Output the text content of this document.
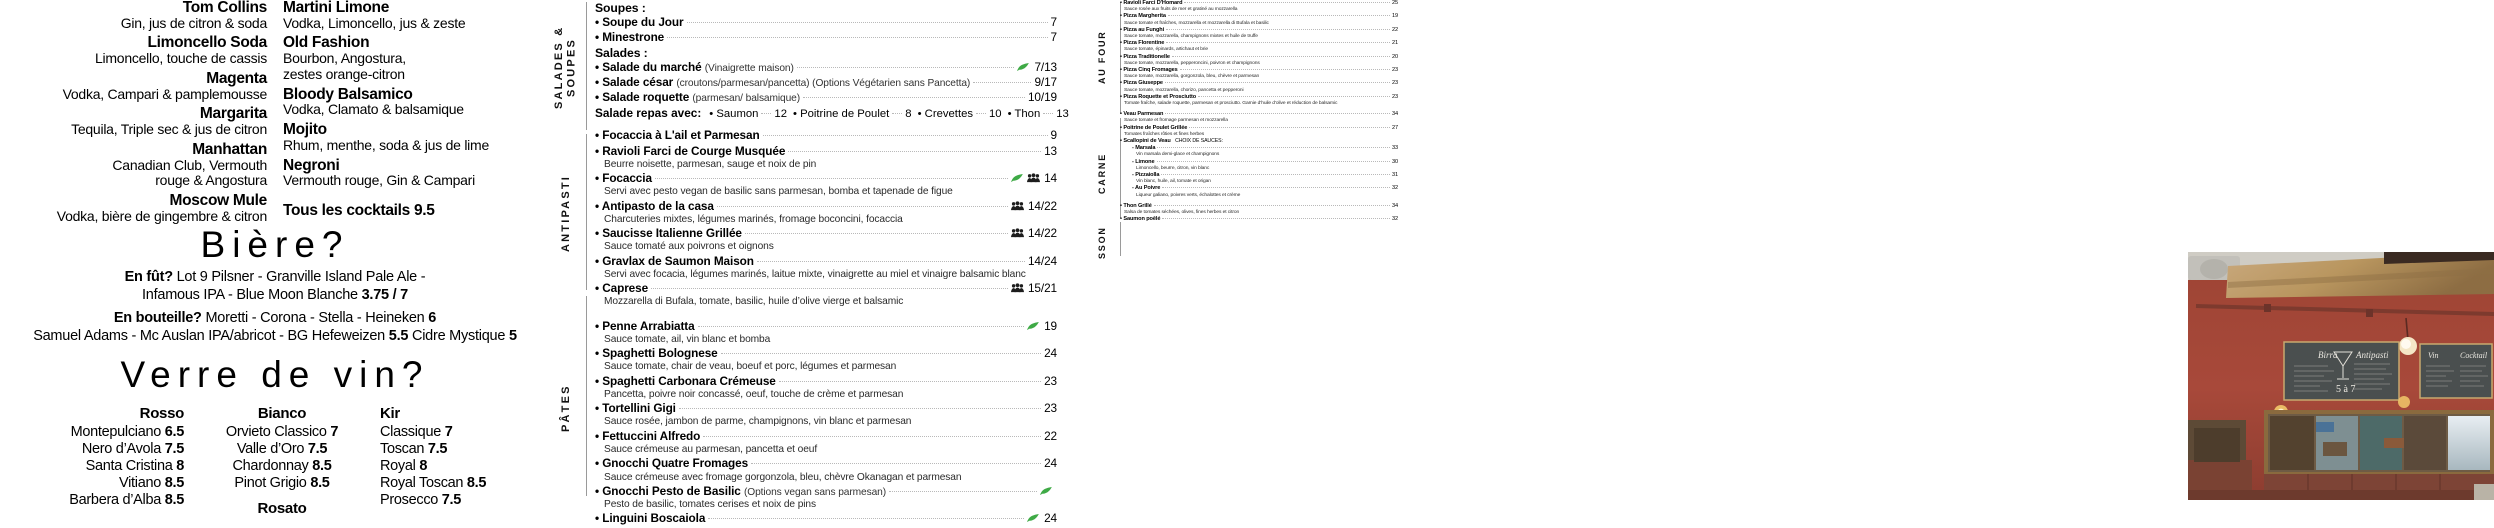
Tom Collins
Gin, jus de citron & soda
Limoncello Soda
Limoncello, touche de cassis
Magenta
Vodka, Campari & pamplemousse
Margarita
Tequila, Triple sec & jus de citron
Manhattan
Canadian Club, Vermouth
rouge & Angostura
Moscow Mule
Vodka, bière de gingembre & citron
Martini Limone
Vodka, Limoncello, jus & zeste
Old Fashion
Bourbon, Angostura,
zestes orange-citron
Bloody Balsamico
Vodka, Clamato & balsamique
Mojito
Rhum, menthe, soda & jus de lime
Negroni
Vermouth rouge, Gin & Campari
Tous les cocktails 9.5
Bière?
En fût? Lot 9 Pilsner - Granville Island Pale Ale -
Infamous IPA - Blue Moon Blanche 3.75 / 7
En bouteille? Moretti - Corona - Stella - Heineken 6
Samuel Adams - Mc Auslan IPA/abricot - BG Hefeweizen 5.5 Cidre Mystique 5
Verre de vin?
Rosso
Montepulciano 6.5
Nero d’Avola 7.5
Santa Cristina 8
Vitiano 8.5
Barbera d’Alba 8.5
Bianco
Orvieto Classico 7
Valle d’Oro 7.5
Chardonnay 8.5
Pinot Grigio 8.5
Rosato
Kir
Classique 7
Toscan 7.5
Royal 8
Royal Toscan 8.5
Prosecco 7.5
SALADES & SOUPES
ANTIPASTI
PÂTES
Soupes :
• Soupe du Jour	7
• Minestrone	7
Salades :
• Salade du marché (Vinaigrette maison)	7/13
• Salade césar (croutons/parmesan/pancetta) (Options Végétarien sans Pancetta)	9/17
• Salade roquette (parmesan/ balsamique)	10/19
Salade repas avec: • Saumon 12 • Poitrine de Poulet 8 • Crevettes 10 • Thon 13
• Focaccia à L'ail et Parmesan	9
• Ravioli Farci de Courge Musquée	13
Beurre noisette, parmesan, sauge et noix de pin
• Focaccia	14
Servi avec pesto vegan de basilic sans parmesan, bomba et tapenade de figue
• Antipasto de la casa	14/22
Charcuteries mixtes, légumes marinés, fromage boconcini, focaccia
• Saucisse Italienne Grillée	14/22
Sauce tomaté aux poivrons et oignons
• Gravlax de Saumon Maison	14/24
Servi avec focacia, légumes marinés, laitue mixte, vinaigrette au miel et vinaigre balsamic blanc
• Caprese	15/21
Mozzarella di Bufala, tomate, basilic, huile d’olive vierge et balsamic
• Penne Arrabiatta	19
Sauce tomate, ail, vin blanc et bomba
• Spaghetti Bolognese	24
Sauce tomate, chair de veau, boeuf et porc, légumes et parmesan
• Spaghetti Carbonara Crémeuse	23
Pancetta, poivre noir concassé, oeuf, touche de crème et parmesan
• Tortellini Gigi	23
Sauce rosée, jambon de parme, champignons, vin blanc et parmesan
• Fettuccini Alfredo	22
Sauce crémeuse au parmesan, pancetta et oeuf
• Gnocchi Quatre Fromages	24
Sauce crémeuse avec fromage gorgonzola, bleu, chèvre Okanagan et parmesan
• Gnocchi Pesto de Basilic (Options vegan sans parmesan)
Pesto de basilic, tomates cerises et noix de pins
• Linguini Boscaiola	24
AU FOUR
CARNE
SSON
• Ravioli Farci D'Homard	25
Sauce rosée aux fruits de mer et gratiné au mozzarella
• Pizza Margherita	19
Sauce tomate et fraîches, mozzarella et mozzarella di Bufala et basilic
• Pizza au Funghi	22
Sauce tomate, mozzarella, champignons mixtes et huile de truffe
• Pizza Florentine	21
Sauce tomate, épinards, artichaut et brie
• Pizza Traditionelle	20
Sauce tomate, mozzarella, pepperoncini, poivron et champignons
• Pizza Cinq Fromages	23
Sauce tomate, mozzarella, gorgonzola, bleu, chèvre et parmesan
• Pizza Giuseppe	23
Sauce tomate, mozzarella, chorizo, pancetta et pepperoni
• Pizza Roquette et Prosciutto	23
Tomate fraîche, salade roquette, parmesan et prosciutto. Garnie d’huile d’olive et réduction de balsamic
• Veau Parmesan	34
Sauce tomate et fromage parmesan et mozzarella
• Poitrine de Poulet Grillée	27
Tomates fraîches rôties et fines herbes
• Scallopini de Veau CHOIX DE SAUCES:
- Marsala	33
Vin marsala demi-glace et champignons
- Limone	30
Limoncello, beurre, citron, vin blanc
- Pizzaiolla	31
Vin blanc, huile, ail, tomate et origan
- Au Poivre	32
Liqueur galiano, poivres verts, échalottes et crème
• Thon Grillé	34
Salsa de tomates séchées, olives, fines herbes et citron
• Saumon poêlé	32
Birra Antipasti
5 à 7
Vin	Cocktail
